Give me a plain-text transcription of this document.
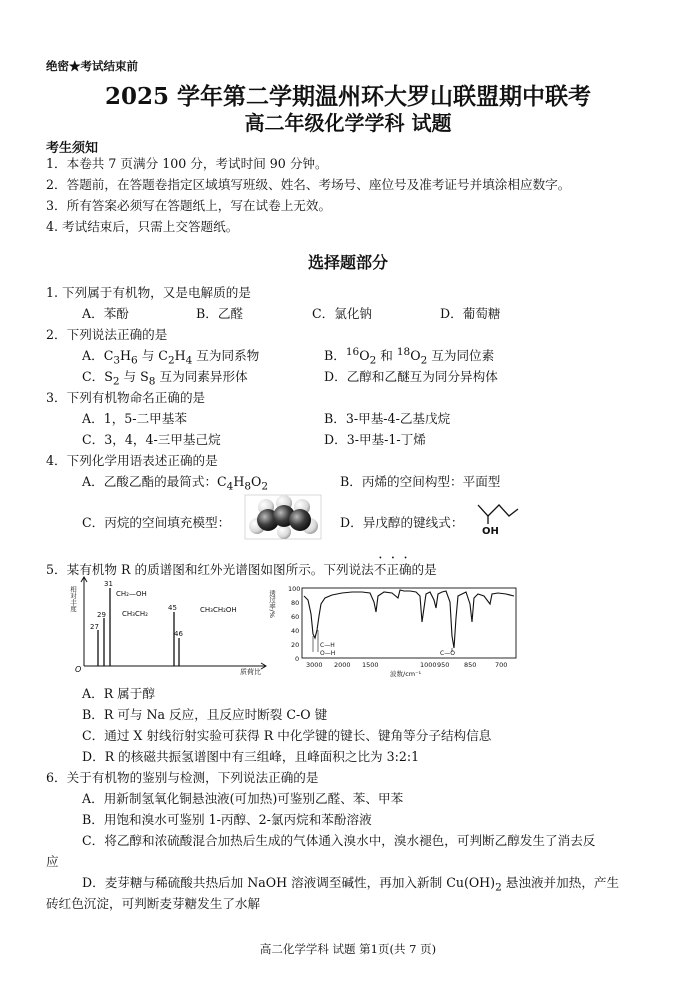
绝密★考试结束前
2025 学年第二学期温州环大罗山联盟期中联考
高二年级化学学科 试题
考生须知
1．本卷共 7 页满分 100 分，考试时间 90 分钟。
2．答题前，在答题卷指定区域填写班级、姓名、考场号、座位号及准考证号并填涂相应数字。
3．所有答案必须写在答题纸上，写在试卷上无效。
4. 考试结束后，只需上交答题纸。
选择题部分
1. 下列属于有机物，又是电解质的是
A．苯酚	B．乙醛	C．氯化钠	D．葡萄糖
2．下列说法正确的是
A．$C_3H_6$ 与 $C_2H_4$ 互为同系物	B．$^{16}O_2$ 和 $^{18}O_2$ 互为同位素
C．$S_2$ 与 $S_8$ 互为同素异形体	D．乙醇和乙醚互为同分异构体
3．下列有机物命名正确的是
A．1，5-二甲基苯	B．3-甲基-4-乙基戊烷
C．3，4，4-三甲基己烷	D．3-甲基-1-丁烯
4．下列化学用语表述正确的是
A．乙酸乙酯的最简式：$C_4H_8O_2$	B．丙烯的空间构型：平面型
C．丙烷的空间填充模型：	D．异戊醇的键线式：
OH
5．某有机物 R 的质谱图和红外光谱图如图所示。下列说法不正确的是
相对丰度
O	质荷比
27
29
31
45
46
CH₂—OH
CH₃CH₂	CH₃CH₂OH	透过率/%
100
80
60
40
20
0
C—H
O—H	C—O
3000 2000 1500	1000 950 850	700
波数/cm⁻¹
A．R 属于醇
B．R 可与 Na 反应，且反应时断裂 C-O 键
C．通过 X 射线衍射实验可获得 R 中化学键的键长、键角等分子结构信息
D．R 的核磁共振氢谱图中有三组峰，且峰面积之比为 3:2:1
6．关于有机物的鉴别与检测，下列说法正确的是
A．用新制氢氧化铜悬浊液(可加热)可鉴别乙醛、苯、甲苯
B．用饱和溴水可鉴别 1-丙醇、2-氯丙烷和苯酚溶液
C．将乙醇和浓硫酸混合加热后生成的气体通入溴水中，溴水褪色，可判断乙醇发生了消去反
应
D．麦芽糖与稀硫酸共热后加 NaOH 溶液调至碱性，再加入新制 $Cu(OH)_2$ 悬浊液并加热，产生
砖红色沉淀，可判断麦芽糖发生了水解
高二化学学科 试题 第1页(共 7 页)
